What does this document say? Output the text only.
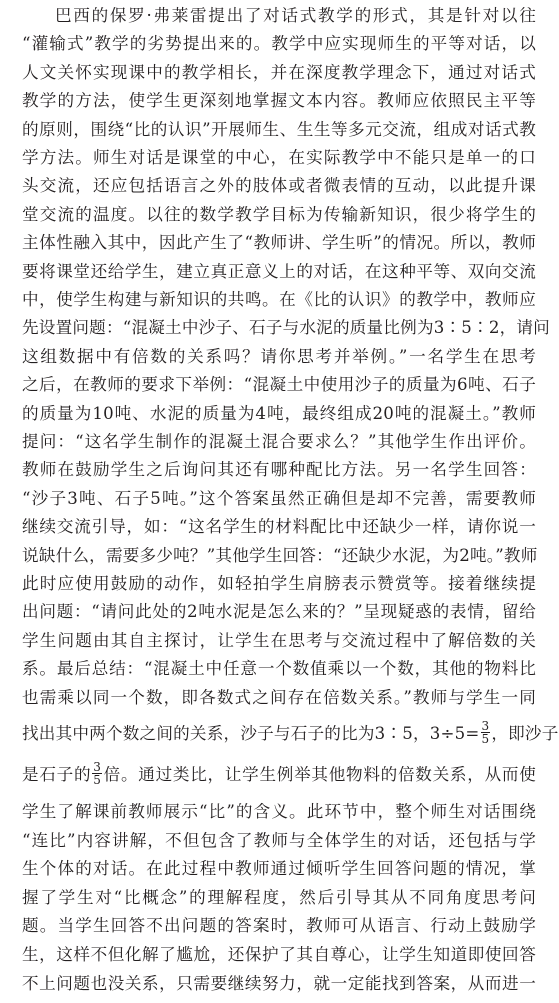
巴西的保罗·弗莱雷提出了对话式教学的形式，其是针对以往
“灌输式”教学的劣势提出来的。教学中应实现师生的平等对话，以
人文关怀实现课中的教学相长，并在深度教学理念下，通过对话式
教学的方法，使学生更深刻地掌握文本内容。教师应依照民主平等
的原则，围绕“比的认识”开展师生、生生等多元交流，组成对话式教
学方法。师生对话是课堂的中心，在实际教学中不能只是单一的口
头交流，还应包括语言之外的肢体或者微表情的互动，以此提升课
堂交流的温度。以往的数学教学目标为传输新知识，很少将学生的
主体性融入其中，因此产生了“教师讲、学生听”的情况。所以，教师
要将课堂还给学生，建立真正意义上的对话，在这种平等、双向交流
中，使学生构建与新知识的共鸣。在《比的认识》的教学中，教师应
先设置问题：“混凝土中沙子、石子与水泥的质量比例为3∶5∶2，请问
这组数据中有倍数的关系吗？请你思考并举例。”一名学生在思考
之后，在教师的要求下举例：“混凝土中使用沙子的质量为6吨、石子
的质量为10吨、水泥的质量为4吨，最终组成20吨的混凝土。”教师
提问：“这名学生制作的混凝土混合要求么？”其他学生作出评价。
教师在鼓励学生之后询问其还有哪种配比方法。另一名学生回答：
“沙子3吨、石子5吨。”这个答案虽然正确但是却不完善，需要教师
继续交流引导，如：“这名学生的材料配比中还缺少一样，请你说一
说缺什么，需要多少吨？”其他学生回答：“还缺少水泥，为2吨。”教师
此时应使用鼓励的动作，如轻拍学生肩膀表示赞赏等。接着继续提
出问题：“请问此处的2吨水泥是怎么来的？”呈现疑惑的表情，留给
学生问题由其自主探讨，让学生在思考与交流过程中了解倍数的关
系。最后总结：“混凝土中任意一个数值乘以一个数，其他的物料比
也需乘以同一个数，即各数式之间存在倍数关系。”教师与学生一同
找出其中两个数之间的关系，沙子与石子的比为3∶5，$3\div 5= \frac{3}{5}$ ，即沙子
是石子的 $\frac{3}{5}$ 倍。通过类比，让学生例举其他物料的倍数关系，从而使
学生了解课前教师展示“比”的含义。此环节中，整个师生对话围绕
“连比”内容讲解，不但包含了教师与全体学生的对话，还包括与学
生个体的对话。在此过程中教师通过倾听学生回答问题的情况，掌
握了学生对“比概念”的理解程度，然后引导其从不同角度思考问
题。当学生回答不出问题的答案时，教师可从语言、行动上鼓励学
生，这样不但化解了尴尬，还保护了其自尊心，让学生知道即使回答
不上问题也没关系，只需要继续努力，就一定能找到答案，从而进一
